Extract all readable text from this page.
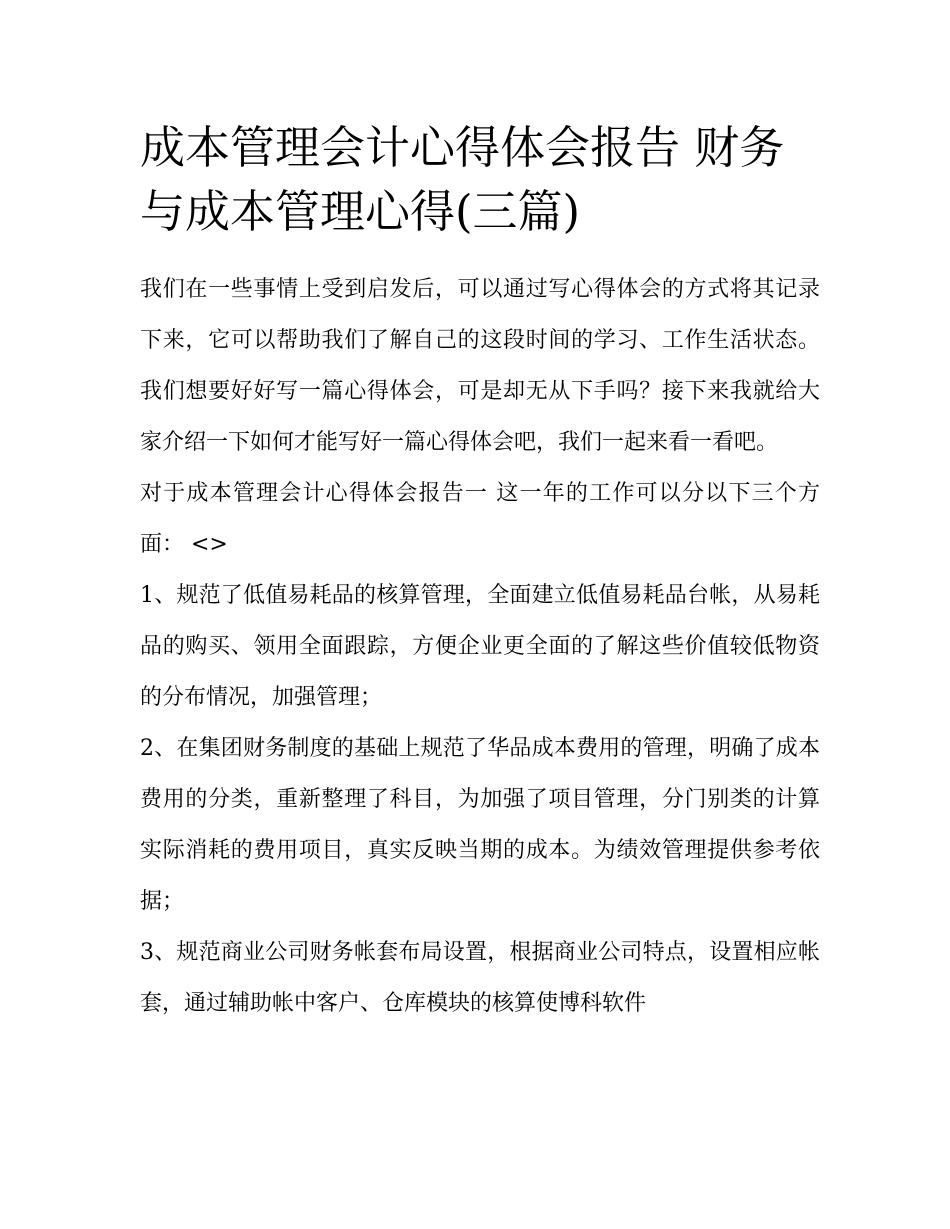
成本管理会计心得体会报告 财务与成本管理心得(三篇)

我们在一些事情上受到启发后，可以通过写心得体会的方式将其记录下来，它可以帮助我们了解自己的这段时间的学习、工作生活状态。我们想要好好写一篇心得体会，可是却无从下手吗？接下来我就给大家介绍一下如何才能写好一篇心得体会吧，我们一起来看一看吧。

对于成本管理会计心得体会报告一 这一年的工作可以分以下三个方面： <>

1、规范了低值易耗品的核算管理，全面建立低值易耗品台帐，从易耗品的购买、领用全面跟踪，方便企业更全面的了解这些价值较低物资的分布情况，加强管理；

2、在集团财务制度的基础上规范了华品成本费用的管理，明确了成本费用的分类，重新整理了科目，为加强了项目管理，分门别类的计算实际消耗的费用项目，真实反映当期的成本。为绩效管理提供参考依据；

3、规范商业公司财务帐套布局设置，根据商业公司特点，设置相应帐套，通过辅助帐中客户、仓库模块的核算使博科软件
